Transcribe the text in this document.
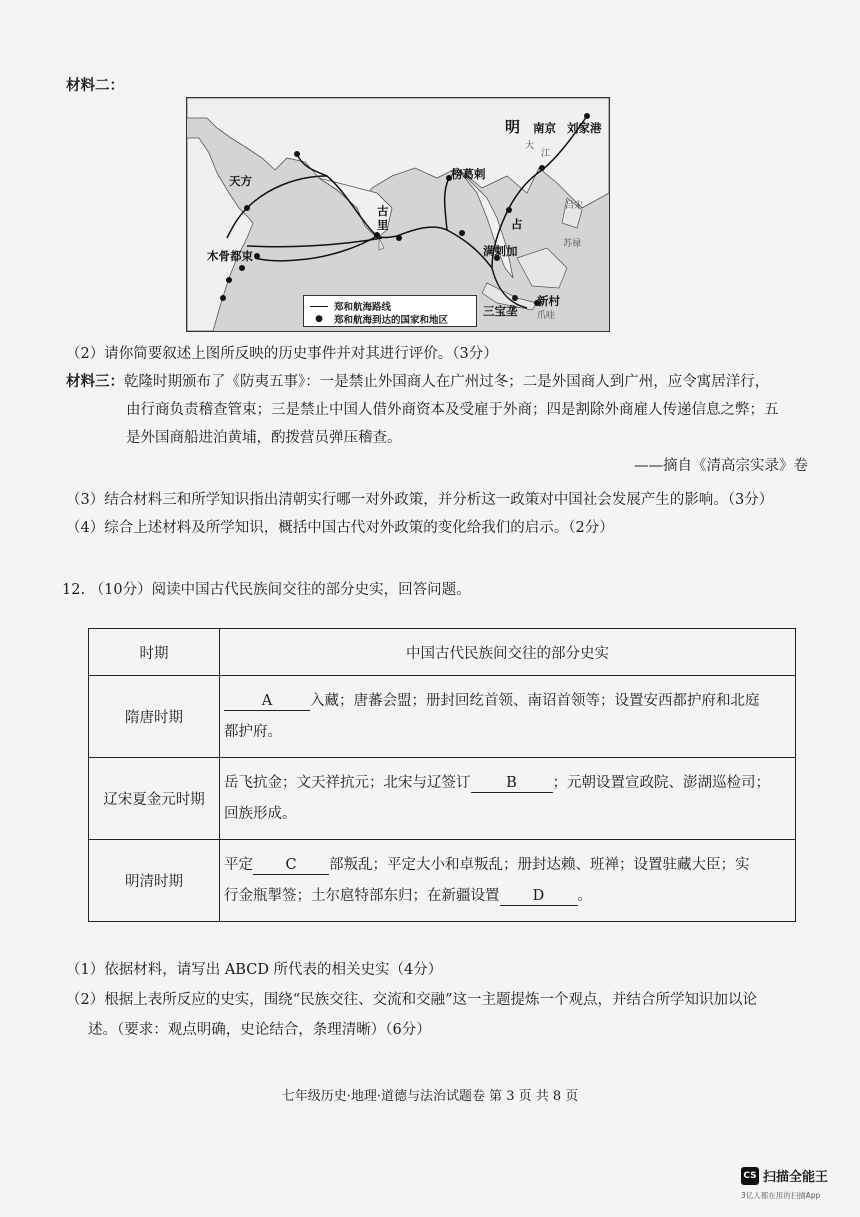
材料二：
明 南京 刘家港
大
江
天方	榜葛剌
古
里
木骨都束	满剌加
占
吕宋
苏禄
三宝垄
新村
爪哇
郑和航海路线
●	郑和航海到达的国家和地区
（2）请你简要叙述上图所反映的历史事件并对其进行评价。（3分）
材料三：乾隆时期颁布了《防夷五事》：一是禁止外国商人在广州过冬；二是外国商人到广州，应令寓居洋行，
由行商负责稽查管束；三是禁止中国人借外商资本及受雇于外商；四是割除外商雇人传递信息之弊；五
是外国商船进泊黄埔，酌拨营员弹压稽查。
——摘自《清高宗实录》卷
（3）结合材料三和所学知识指出清朝实行哪一对外政策，并分析这一政策对中国社会发展产生的影响。（3分）
（4）综合上述材料及所学知识，概括中国古代对外政策的变化给我们的启示。（2分）
12. （10分）阅读中国古代民族间交往的部分史实，回答问题。
时期	中国古代民族间交往的部分史实
隋唐时期	A 入藏；唐蕃会盟；册封回纥首领、南诏首领等；设置安西都护府和北庭
都护府。
辽宋夏金元时期	岳飞抗金；文天祥抗元；北宋与辽签订 B ；元朝设置宣政院、澎湖巡检司；
回族形成。
明清时期	平定 C 部叛乱；平定大小和卓叛乱；册封达赖、班禅；设置驻藏大臣；实
行金瓶掣签；土尔扈特部东归；在新疆设置 D 。
（1）依据材料，请写出 ABCD 所代表的相关史实（4分）
（2）根据上表所反应的史实，围绕“民族交往、交流和交融”这一主题提炼一个观点，并结合所学知识加以论
述。（要求：观点明确，史论结合，条理清晰）（6分）
七年级历史·地理·道德与法治试题卷 第 3 页 共 8 页
CS 扫描全能王
3亿人都在用的扫描App
